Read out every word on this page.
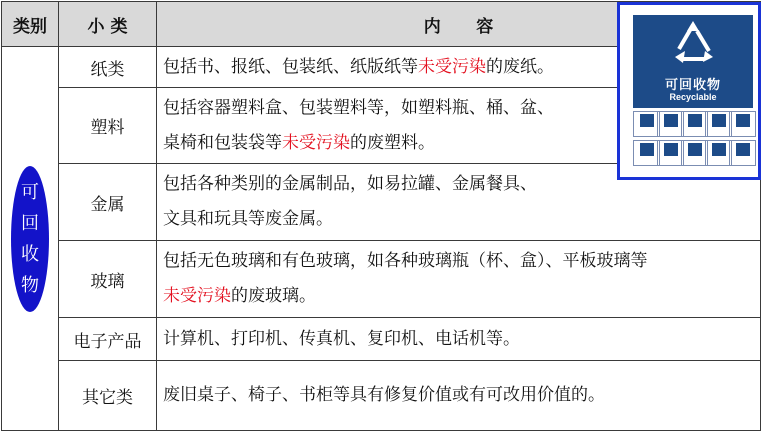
类别	小 类	内      容

可
回
收
物	纸类	包括书、报纸、包装纸、纸版纸等未受污染的废纸。

	塑料	包括容器塑料盒、包装塑料等，如塑料瓶、桶、盆、
桌椅和包装袋等未受污染的废塑料。

	金属	包括各种类别的金属制品，如易拉罐、金属餐具、
文具和玩具等废金属。

	玻璃	包括无色玻璃和有色玻璃，如各种玻璃瓶（杯、盒）、平板玻璃等
未受污染的废玻璃。

	电子产品	计算机、打印机、传真机、复印机、电话机等。

	其它类	废旧桌子、椅子、书柜等具有修复价值或有可改用价值的。
可回收物
Recyclable
